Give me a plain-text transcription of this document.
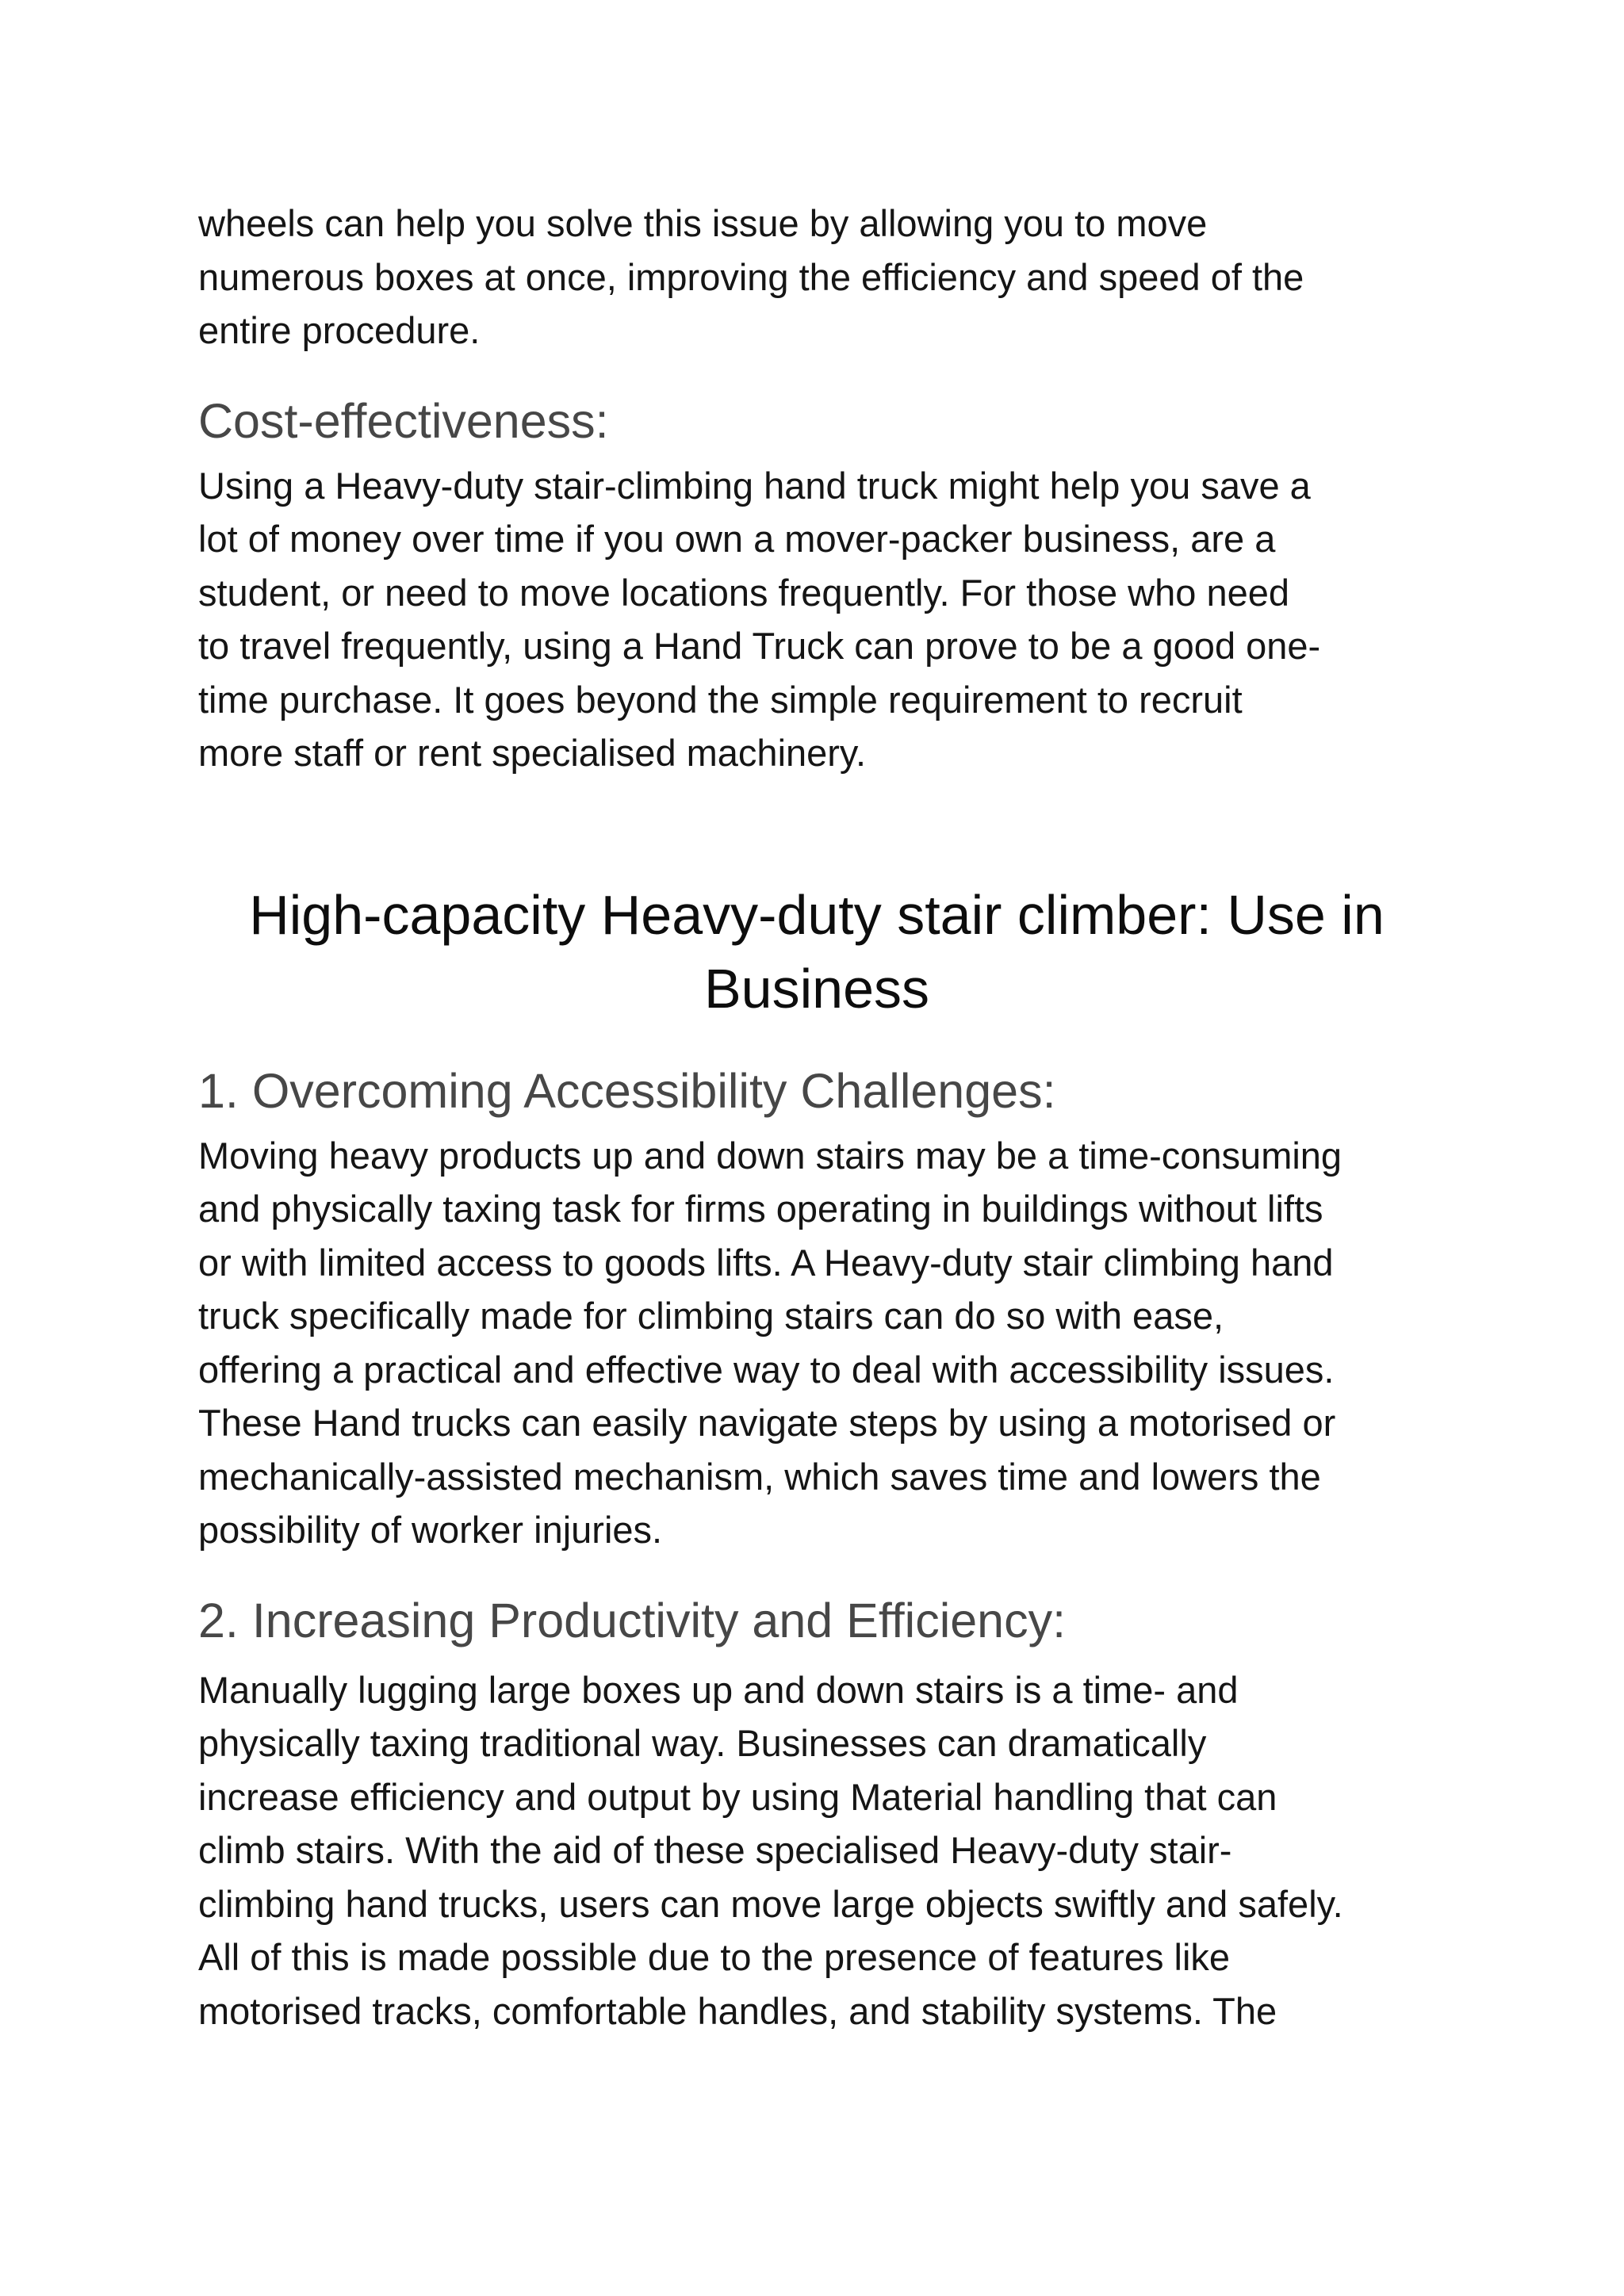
wheels can help you solve this issue by allowing you to move
numerous boxes at once, improving the efficiency and speed of the
entire procedure.
Cost-effectiveness:
Using a Heavy-duty stair-climbing hand truck might help you save a
lot of money over time if you own a mover-packer business, are a
student, or need to move locations frequently. For those who need
to travel frequently, using a Hand Truck can prove to be a good one-
time purchase. It goes beyond the simple requirement to recruit
more staff or rent specialised machinery.
High-capacity Heavy-duty stair climber: Use in
Business
1. Overcoming Accessibility Challenges:
Moving heavy products up and down stairs may be a time-consuming
and physically taxing task for firms operating in buildings without lifts
or with limited access to goods lifts. A Heavy-duty stair climbing hand
truck specifically made for climbing stairs can do so with ease,
offering a practical and effective way to deal with accessibility issues.
These Hand trucks can easily navigate steps by using a motorised or
mechanically-assisted mechanism, which saves time and lowers the
possibility of worker injuries.
2. Increasing Productivity and Efficiency:
Manually lugging large boxes up and down stairs is a time- and
physically taxing traditional way. Businesses can dramatically
increase efficiency and output by using Material handling that can
climb stairs. With the aid of these specialised Heavy-duty stair-
climbing hand trucks, users can move large objects swiftly and safely.
All of this is made possible due to the presence of features like
motorised tracks, comfortable handles, and stability systems. The
